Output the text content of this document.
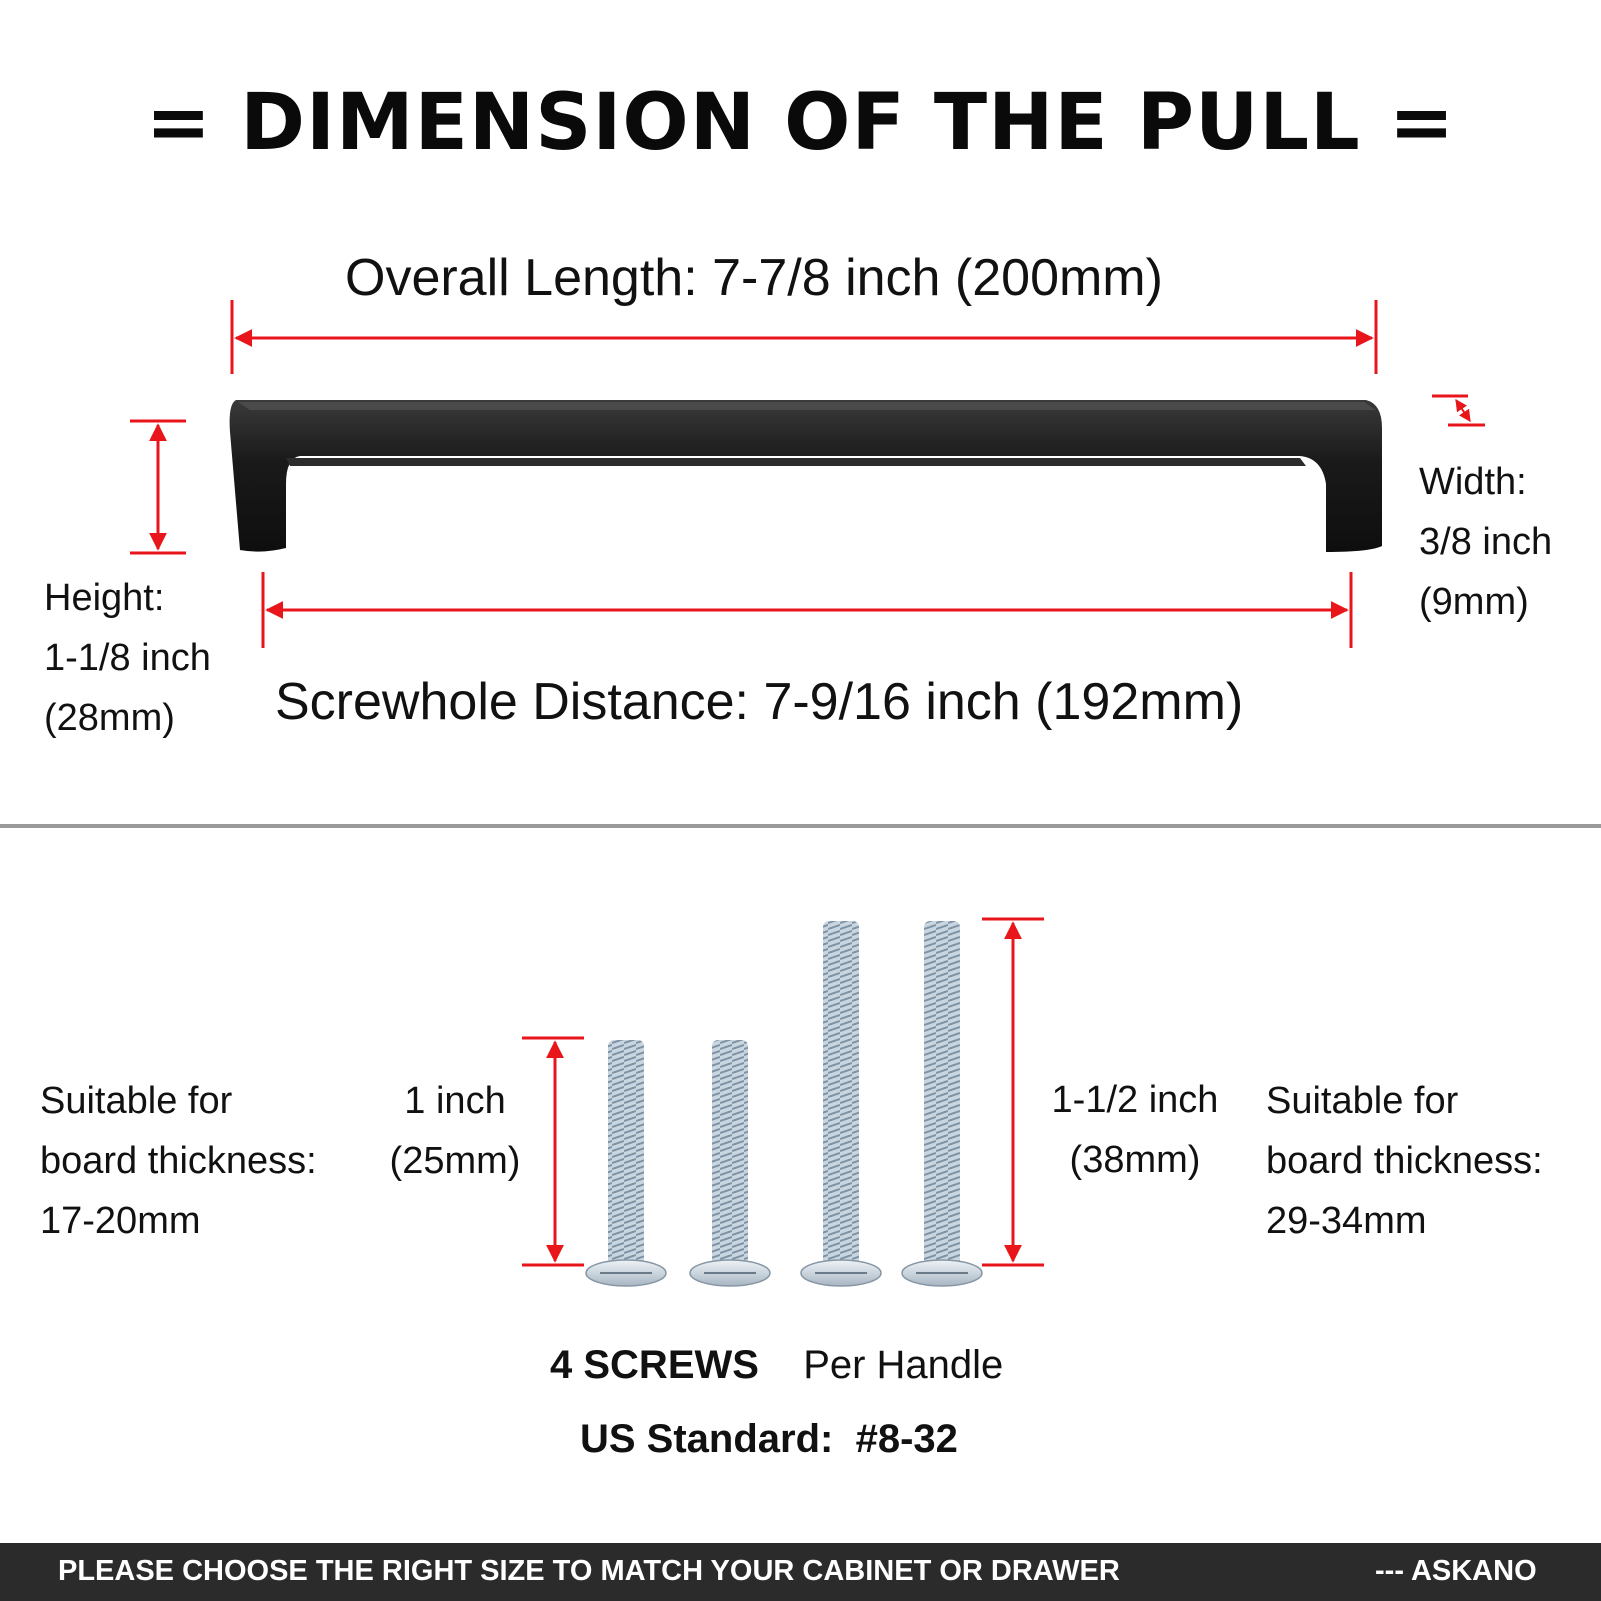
= DIMENSION OF THE PULL =
Overall Length: 7-7/8 inch (200mm)
Height:
1-1/8 inch
(28mm)
Width:
3/8 inch
(9mm)
Screwhole Distance: 7-9/16 inch (192mm)
Suitable for
board thickness:
17-20mm
1 inch
(25mm)
1-1/2 inch
(38mm)
Suitable for
board thickness:
29-34mm
4 SCREWS Per Handle
US Standard:  #8-32
PLEASE CHOOSE THE RIGHT SIZE TO MATCH YOUR CABINET OR DRAWER	--- ASKANO
